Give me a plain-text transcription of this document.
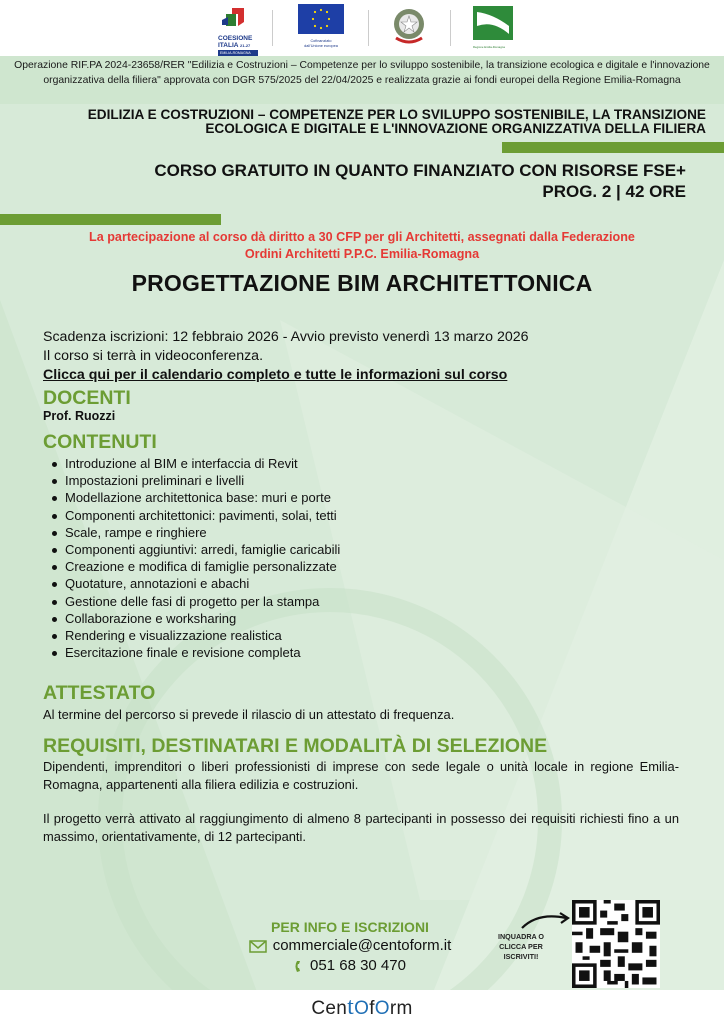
COESIONE
ITALIA 21-27
EMILIA-ROMAGNA
Cofinanziato
dall'Unione europea	Regione Emilia-Romagna
Operazione RIF.PA 2024-23658/RER "Edilizia e Costruzioni – Competenze per lo sviluppo sostenibile, la transizione ecologica e digitale e l'innovazione organizzativa della filiera" approvata con DGR 575/2025 del 22/04/2025 e realizzata grazie ai fondi europei della Regione Emilia-Romagna
EDILIZIA E COSTRUZIONI – COMPETENZE PER LO SVILUPPO SOSTENIBILE, LA TRANSIZIONE
ECOLOGICA E DIGITALE E L'INNOVAZIONE ORGANIZZATIVA DELLA FILIERA
CORSO GRATUITO IN QUANTO FINANZIATO CON RISORSE FSE+
PROG. 2 | 42 ORE
La partecipazione al corso dà diritto a 30 CFP per gli Architetti, assegnati dalla Federazione
Ordini Architetti P.P.C. Emilia-Romagna
PROGETTAZIONE BIM ARCHITETTONICA
Scadenza iscrizioni: 12 febbraio 2026 - Avvio previsto venerdì 13 marzo 2026
Il corso si terrà in videoconferenza.
Clicca qui per il calendario completo e tutte le informazioni sul corso
DOCENTI
Prof. Ruozzi
CONTENUTI
Introduzione al BIM e interfaccia di Revit
Impostazioni preliminari e livelli
Modellazione architettonica base: muri e porte
Componenti architettonici: pavimenti, solai, tetti
Scale, rampe e ringhiere
Componenti aggiuntivi: arredi, famiglie caricabili
Creazione e modifica di famiglie personalizzate
Quotature, annotazioni e abachi
Gestione delle fasi di progetto per la stampa
Collaborazione e worksharing
Rendering e visualizzazione realistica
Esercitazione finale e revisione completa
ATTESTATO
Al termine del percorso si prevede il rilascio di un attestato di frequenza.
REQUISITI, DESTINATARI E MODALITÀ DI SELEZIONE
Dipendenti, imprenditori o liberi professionisti di imprese con sede legale o unità locale in regione Emilia-Romagna, appartenenti alla filiera edilizia e costruzioni.
Il progetto verrà attivato al raggiungimento di almeno 8 partecipanti in possesso dei requisiti richiesti fino a un massimo, orientativamente, di 12 partecipanti.
PER INFO E ISCRIZIONI
commerciale@centoform.it
051 68 30 470
INQUADRA O
CLICCA PER
ISCRIVITI!
CentOfOrm
